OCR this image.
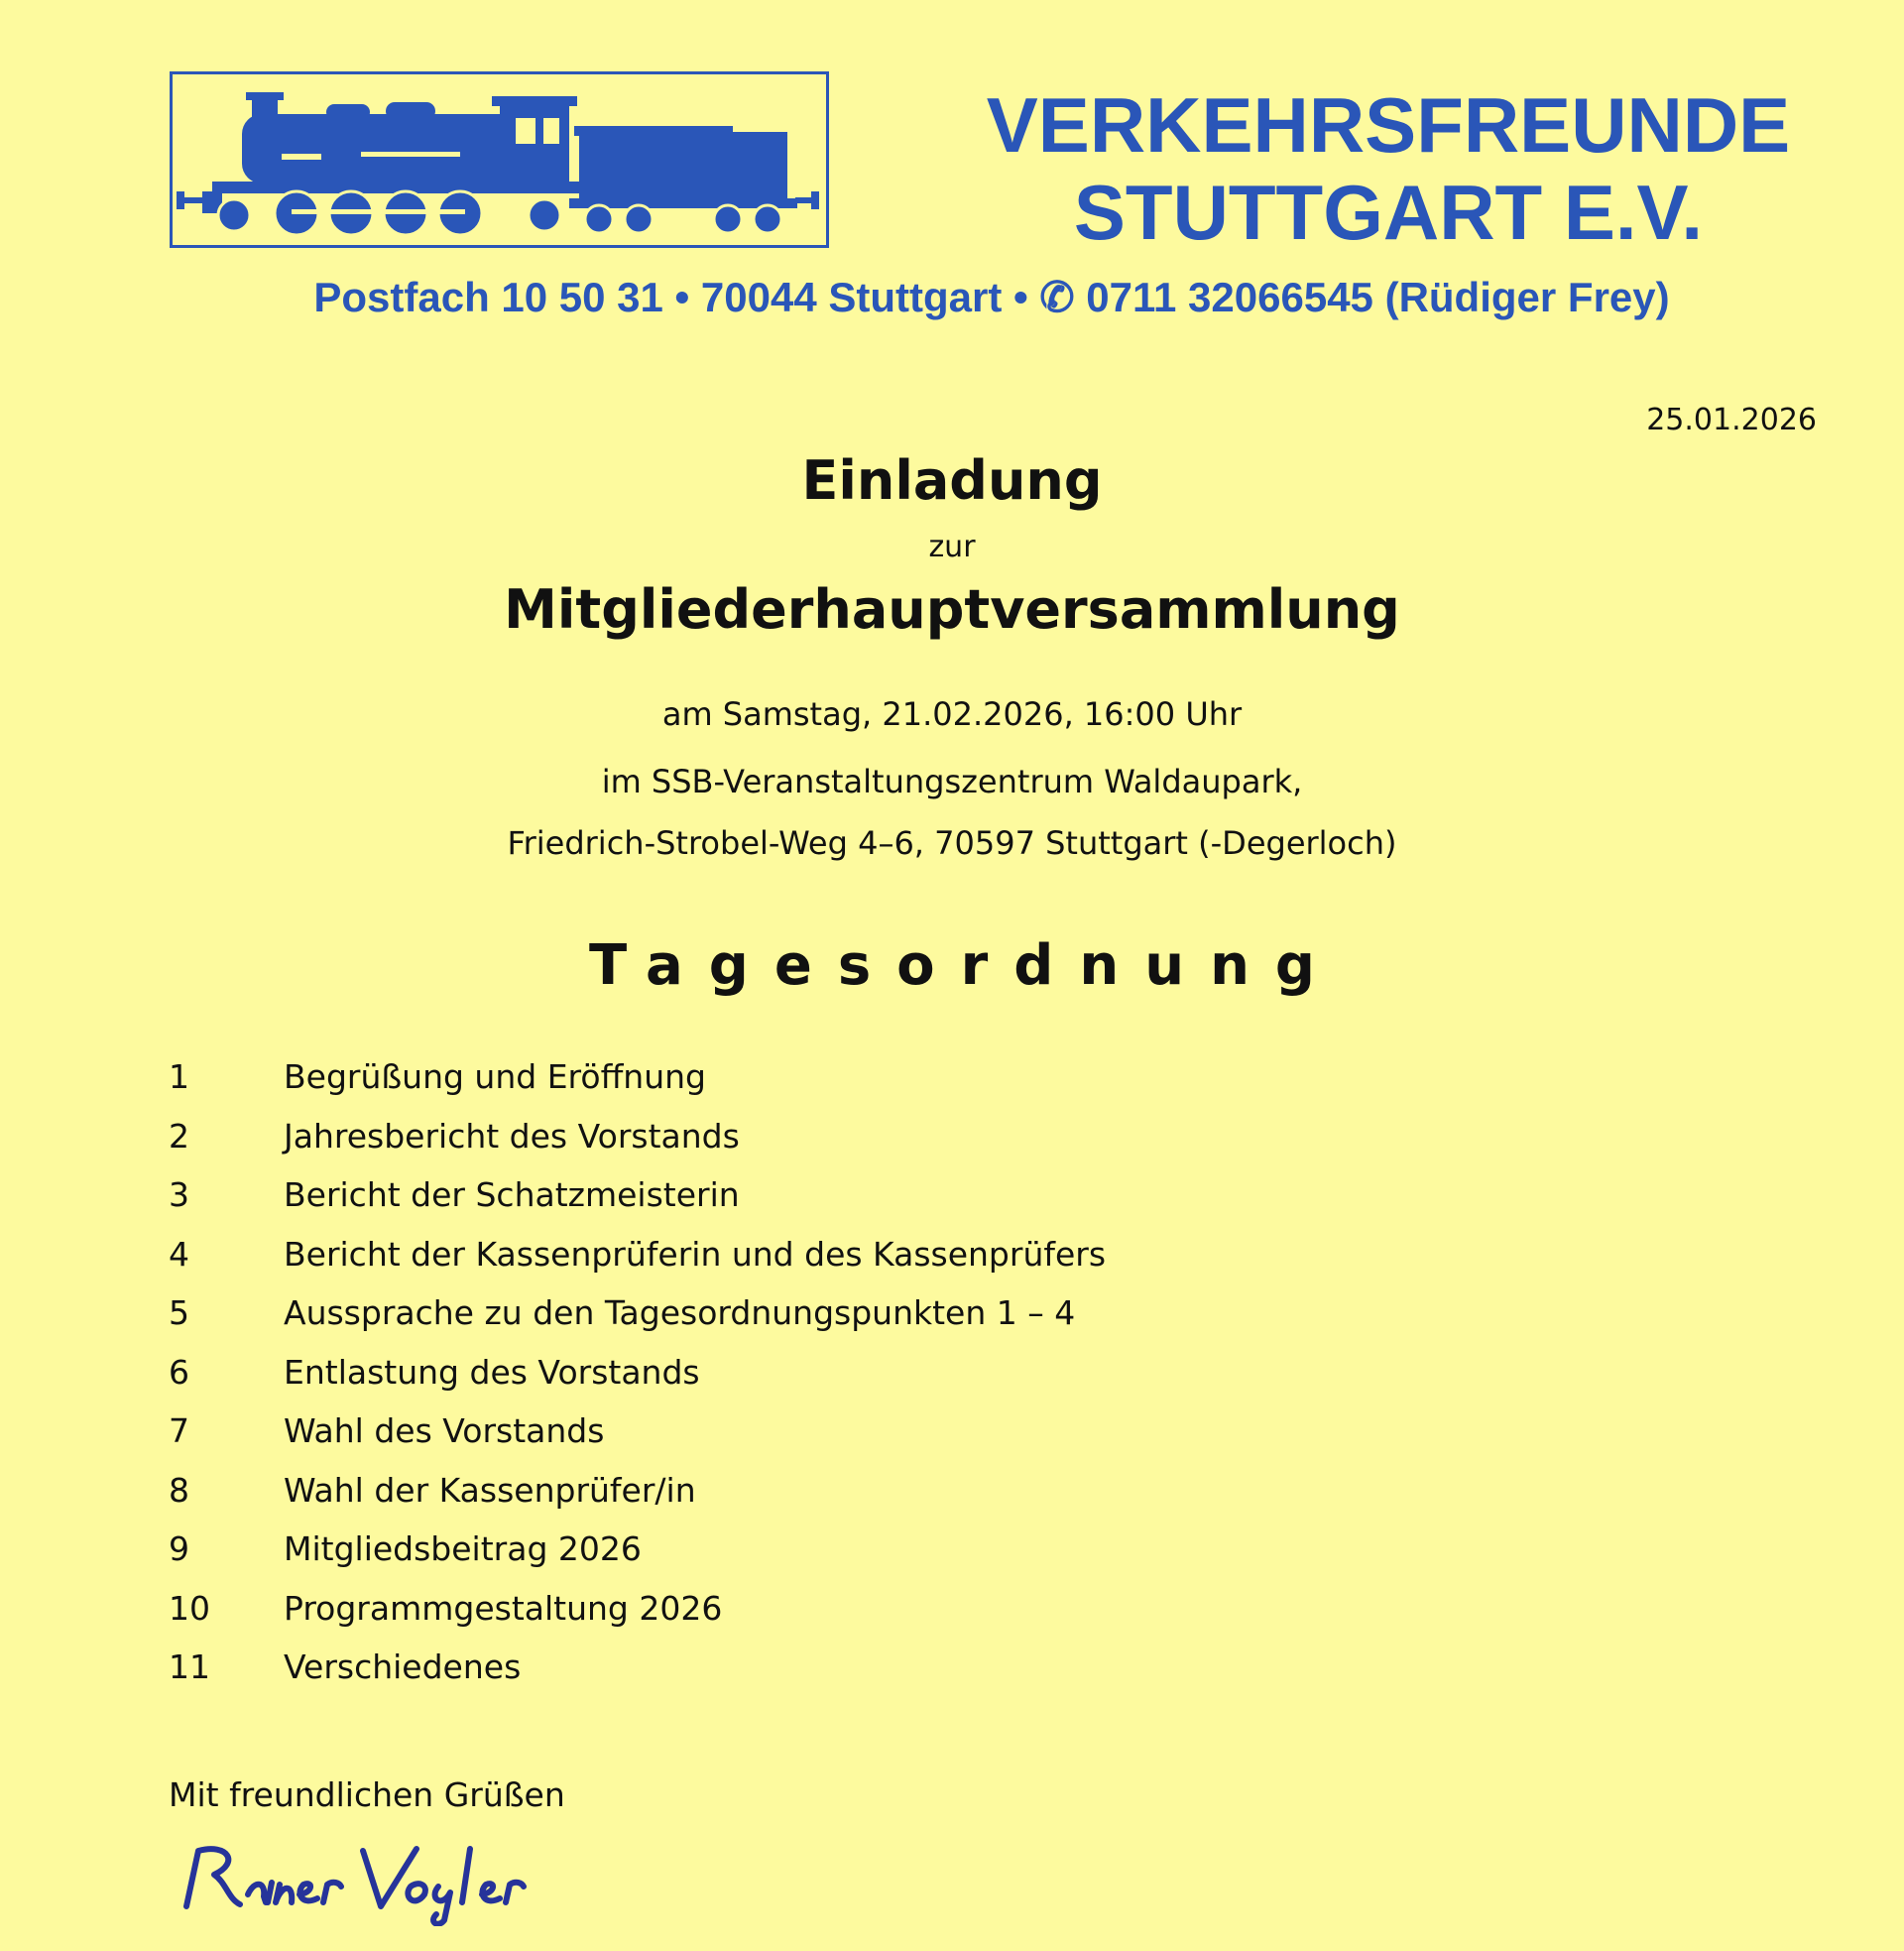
VERKEHRSFREUNDE
STUTTGART E.V.
Postfach 10 50 31 • 70044 Stuttgart • ✆ 0711 32066545 (Rüdiger Frey)
25.01.2026
Einladung
zur
Mitgliederhauptversammlung
am Samstag, 21.02.2026, 16:00 Uhr
im SSB-Veranstaltungszentrum Waldaupark,
Friedrich-Strobel-Weg 4–6, 70597 Stuttgart (-Degerloch)
Tagesordnung
1	Begrüßung und Eröffnung
2	Jahresbericht des Vorstands
3	Bericht der Schatzmeisterin
4	Bericht der Kassenprüferin und des Kassenprüfers
5	Aussprache zu den Tagesordnungspunkten 1 – 4
6	Entlastung des Vorstands
7	Wahl des Vorstands
8	Wahl der Kassenprüfer/in
9	Mitgliedsbeitrag 2026
10 Programmgestaltung 2026
11 Verschiedenes
Mit freundlichen Grüßen
